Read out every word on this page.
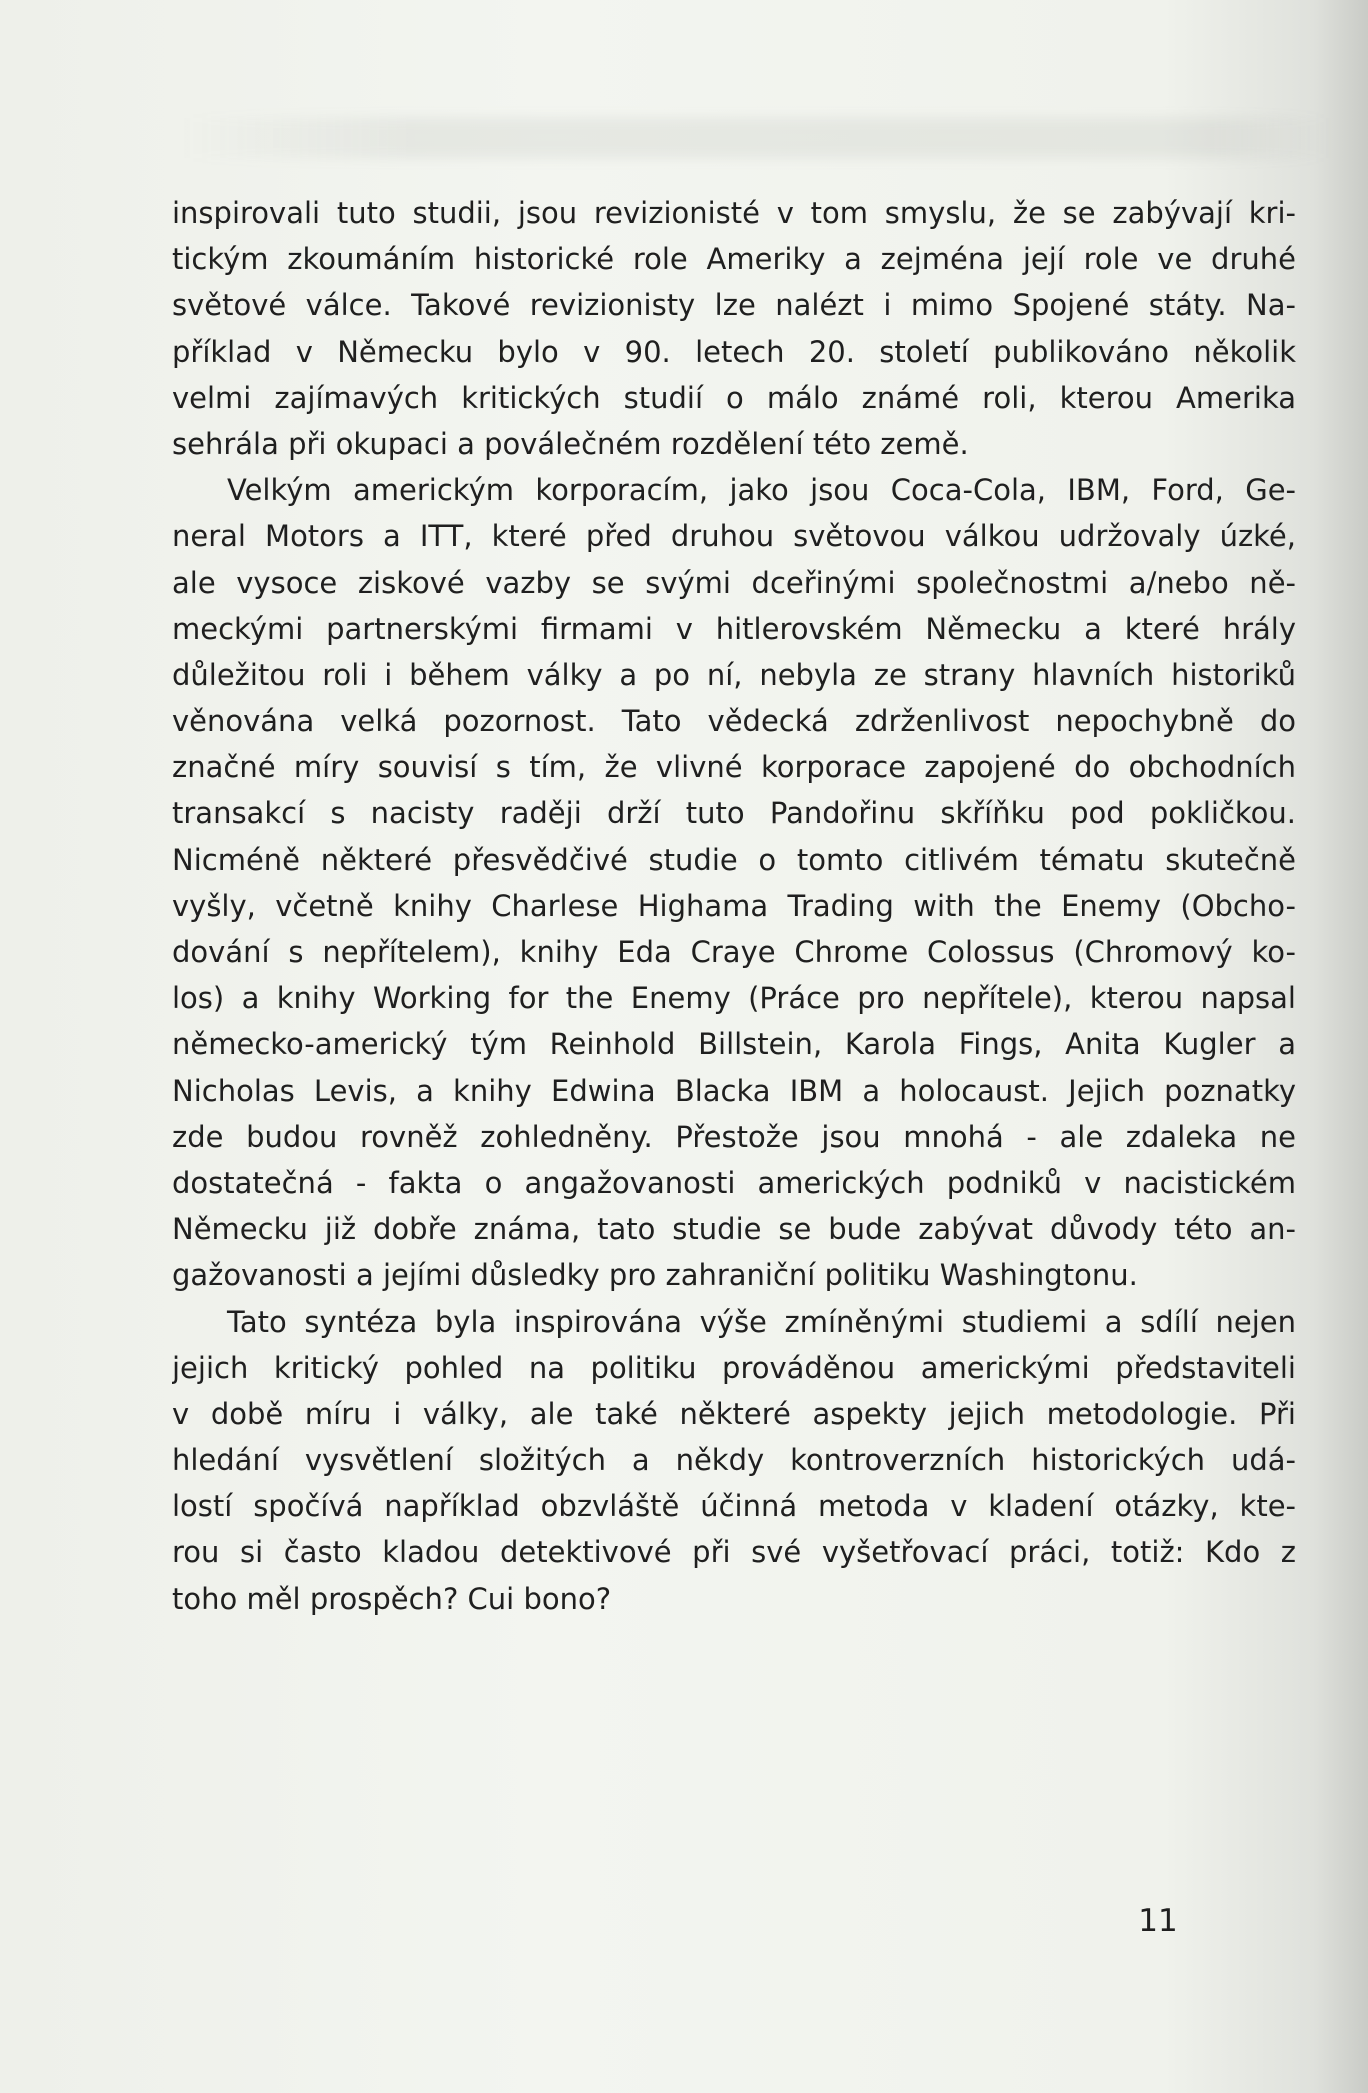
inspirovali tuto studii, jsou revizionisté v tom smyslu, že se zabývají kri-
tickým zkoumáním historické role Ameriky a zejména její role ve druhé
světové válce. Takové revizionisty lze nalézt i mimo Spojené státy. Na-
příklad v Německu bylo v 90. letech 20. století publikováno několik
velmi zajímavých kritických studií o málo známé roli, kterou Amerika
sehrála při okupaci a poválečném rozdělení této země.
Velkým americkým korporacím, jako jsou Coca-Cola, IBM, Ford, Ge-
neral Motors a ITT, které před druhou světovou válkou udržovaly úzké,
ale vysoce ziskové vazby se svými dceřinými společnostmi a/nebo ně-
meckými partnerskými firmami v hitlerovském Německu a které hrály
důležitou roli i během války a po ní, nebyla ze strany hlavních historiků
věnována velká pozornost. Tato vědecká zdrženlivost nepochybně do
značné míry souvisí s tím, že vlivné korporace zapojené do obchodních
transakcí s nacisty raději drží tuto Pandořinu skříňku pod pokličkou.
Nicméně některé přesvědčivé studie o tomto citlivém tématu skutečně
vyšly, včetně knihy Charlese Highama Trading with the Enemy (Obcho-
dování s nepřítelem), knihy Eda Craye Chrome Colossus (Chromový ko-
los) a knihy Working for the Enemy (Práce pro nepřítele), kterou napsal
německo-americký tým Reinhold Billstein, Karola Fings, Anita Kugler a
Nicholas Levis, a knihy Edwina Blacka IBM a holocaust. Jejich poznatky
zde budou rovněž zohledněny. Přestože jsou mnohá - ale zdaleka ne
dostatečná - fakta o angažovanosti amerických podniků v nacistickém
Německu již dobře známa, tato studie se bude zabývat důvody této an-
gažovanosti a jejími důsledky pro zahraniční politiku Washingtonu.
Tato syntéza byla inspirována výše zmíněnými studiemi a sdílí nejen
jejich kritický pohled na politiku prováděnou americkými představiteli
v době míru i války, ale také některé aspekty jejich metodologie. Při
hledání vysvětlení složitých a někdy kontroverzních historických udá-
lostí spočívá například obzvláště účinná metoda v kladení otázky, kte-
rou si často kladou detektivové při své vyšetřovací práci, totiž: Kdo z
toho měl prospěch? Cui bono?
11
